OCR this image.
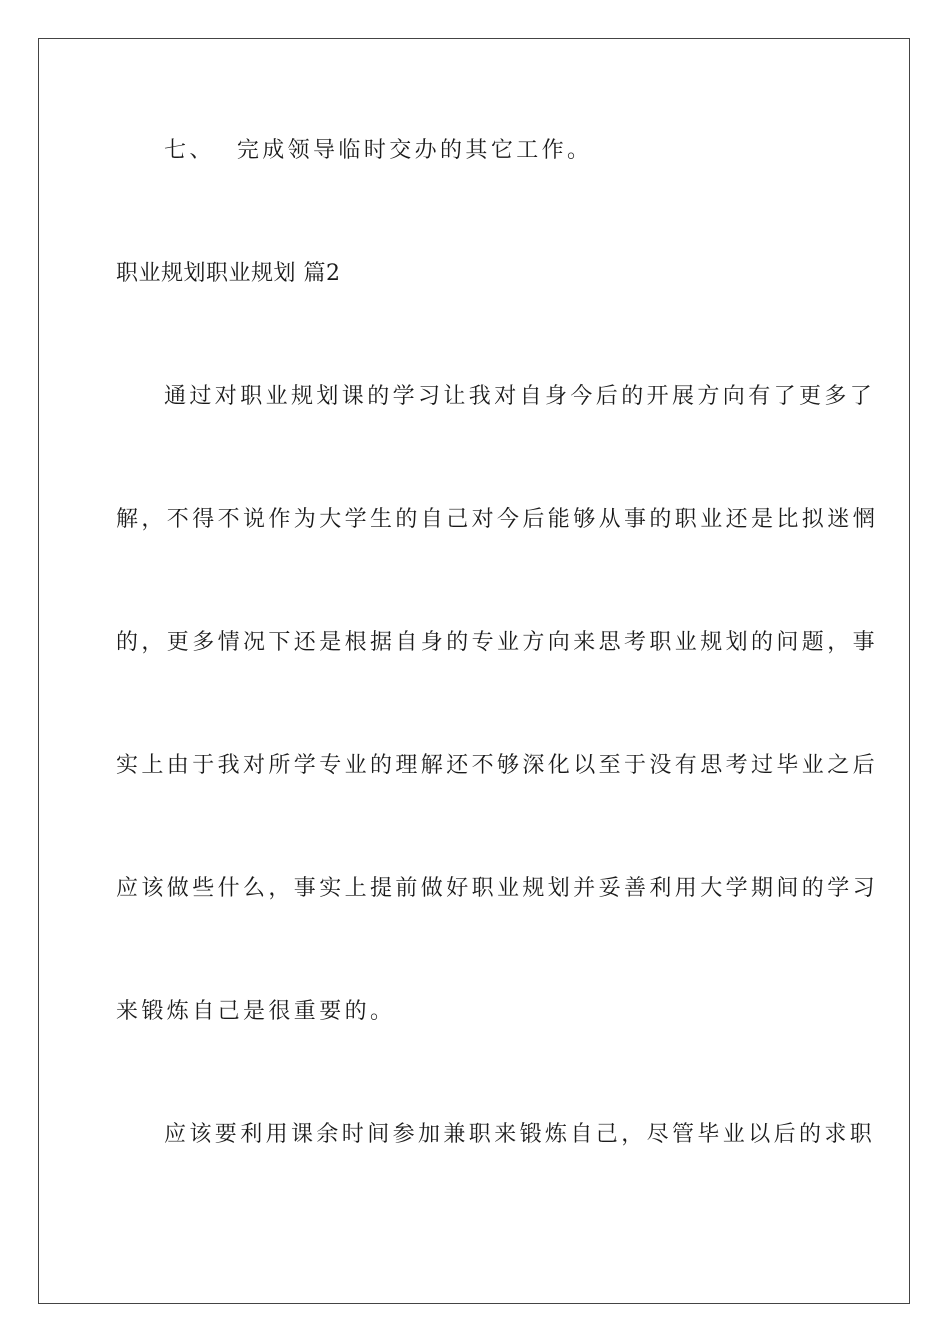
七、 完成领导临时交办的其它工作。
职业规划职业规划 篇2
通过对职业规划课的学习让我对自身今后的开展方向有了更多了
解，不得不说作为大学生的自己对今后能够从事的职业还是比拟迷惘
的，更多情况下还是根据自身的专业方向来思考职业规划的问题，事
实上由于我对所学专业的理解还不够深化以至于没有思考过毕业之后
应该做些什么，事实上提前做好职业规划并妥善利用大学期间的学习
来锻炼自己是很重要的。
应该要利用课余时间参加兼职来锻炼自己，尽管毕业以后的求职
